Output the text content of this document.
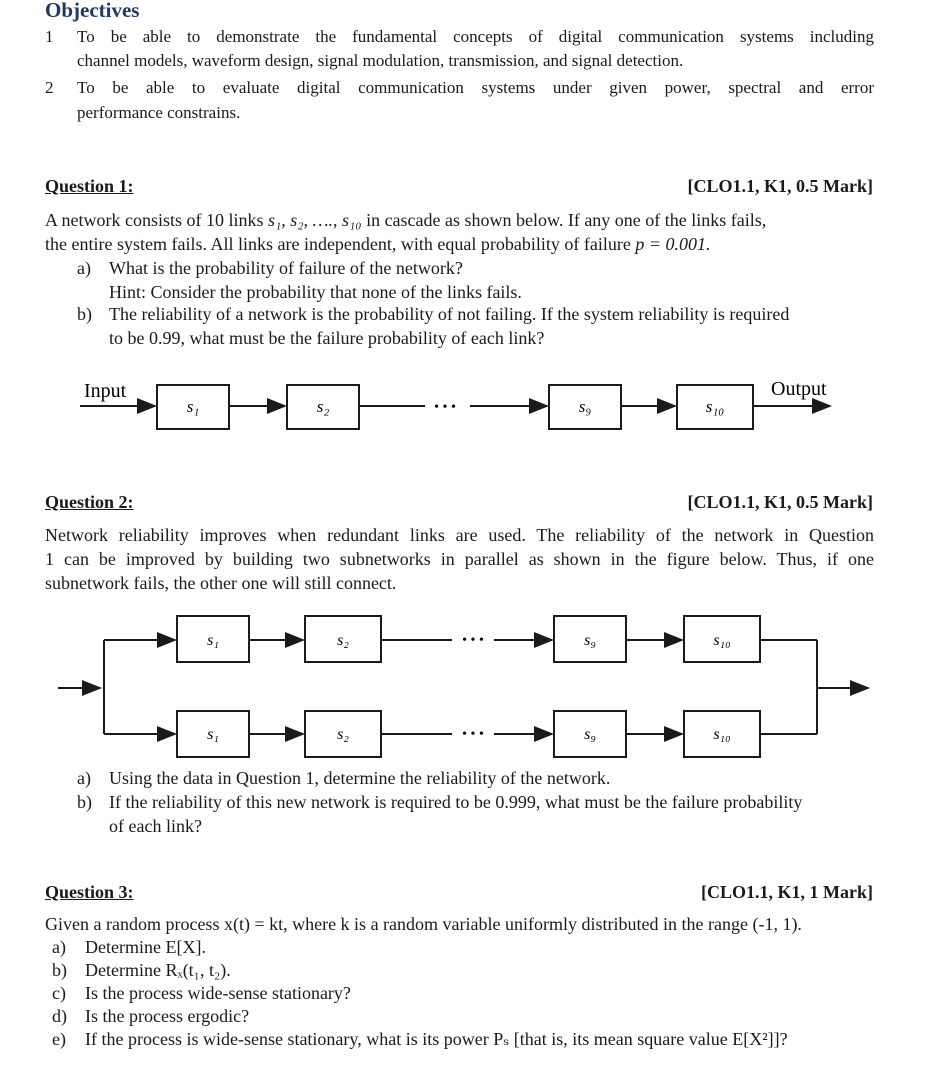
Objectives
1 To be able to demonstrate the fundamental concepts of digital communication systems including
channel models, waveform design, signal modulation, transmission, and signal detection.
2 To be able to evaluate digital communication systems under given power, spectral and error
performance constrains.
Question 1:	[CLO1.1, K1, 0.5 Mark]
A network consists of 10 links s₁, s₂, …., s₁₀ in cascade as shown below. If any one of the links fails,
the entire system fails. All links are independent, with equal probability of failure p = 0.001.
a) What is the probability of failure of the network?
Hint: Consider the probability that none of the links fails.
b) The reliability of a network is the probability of not failing. If the system reliability is required
to be 0.99, what must be the failure probability of each link?
Input	Output
• • •
s₁	s₂	s₉	s₁₀
Question 2:	[CLO1.1, K1, 0.5 Mark]
Network reliability improves when redundant links are used. The reliability of the network in Question
1 can be improved by building two subnetworks in parallel as shown in the figure below. Thus, if one
subnetwork fails, the other one will still connect.
• • •
• • •
s₁	s₂	s₉	s₁₀
s₁	s₂	s₉	s₁₀
a) Using the data in Question 1, determine the reliability of the network.
b) If the reliability of this new network is required to be 0.999, what must be the failure probability
of each link?
Question 3:	[CLO1.1, K1, 1 Mark]
Given a random process x(t) = kt, where k is a random variable uniformly distributed in the range (-1, 1).
a) Determine E[X].
b) Determine Rₓ(t₁, t₂).
c) Is the process wide-sense stationary?
d) Is the process ergodic?
e) If the process is wide-sense stationary, what is its power Pₛ [that is, its mean square value E[X²]]?
